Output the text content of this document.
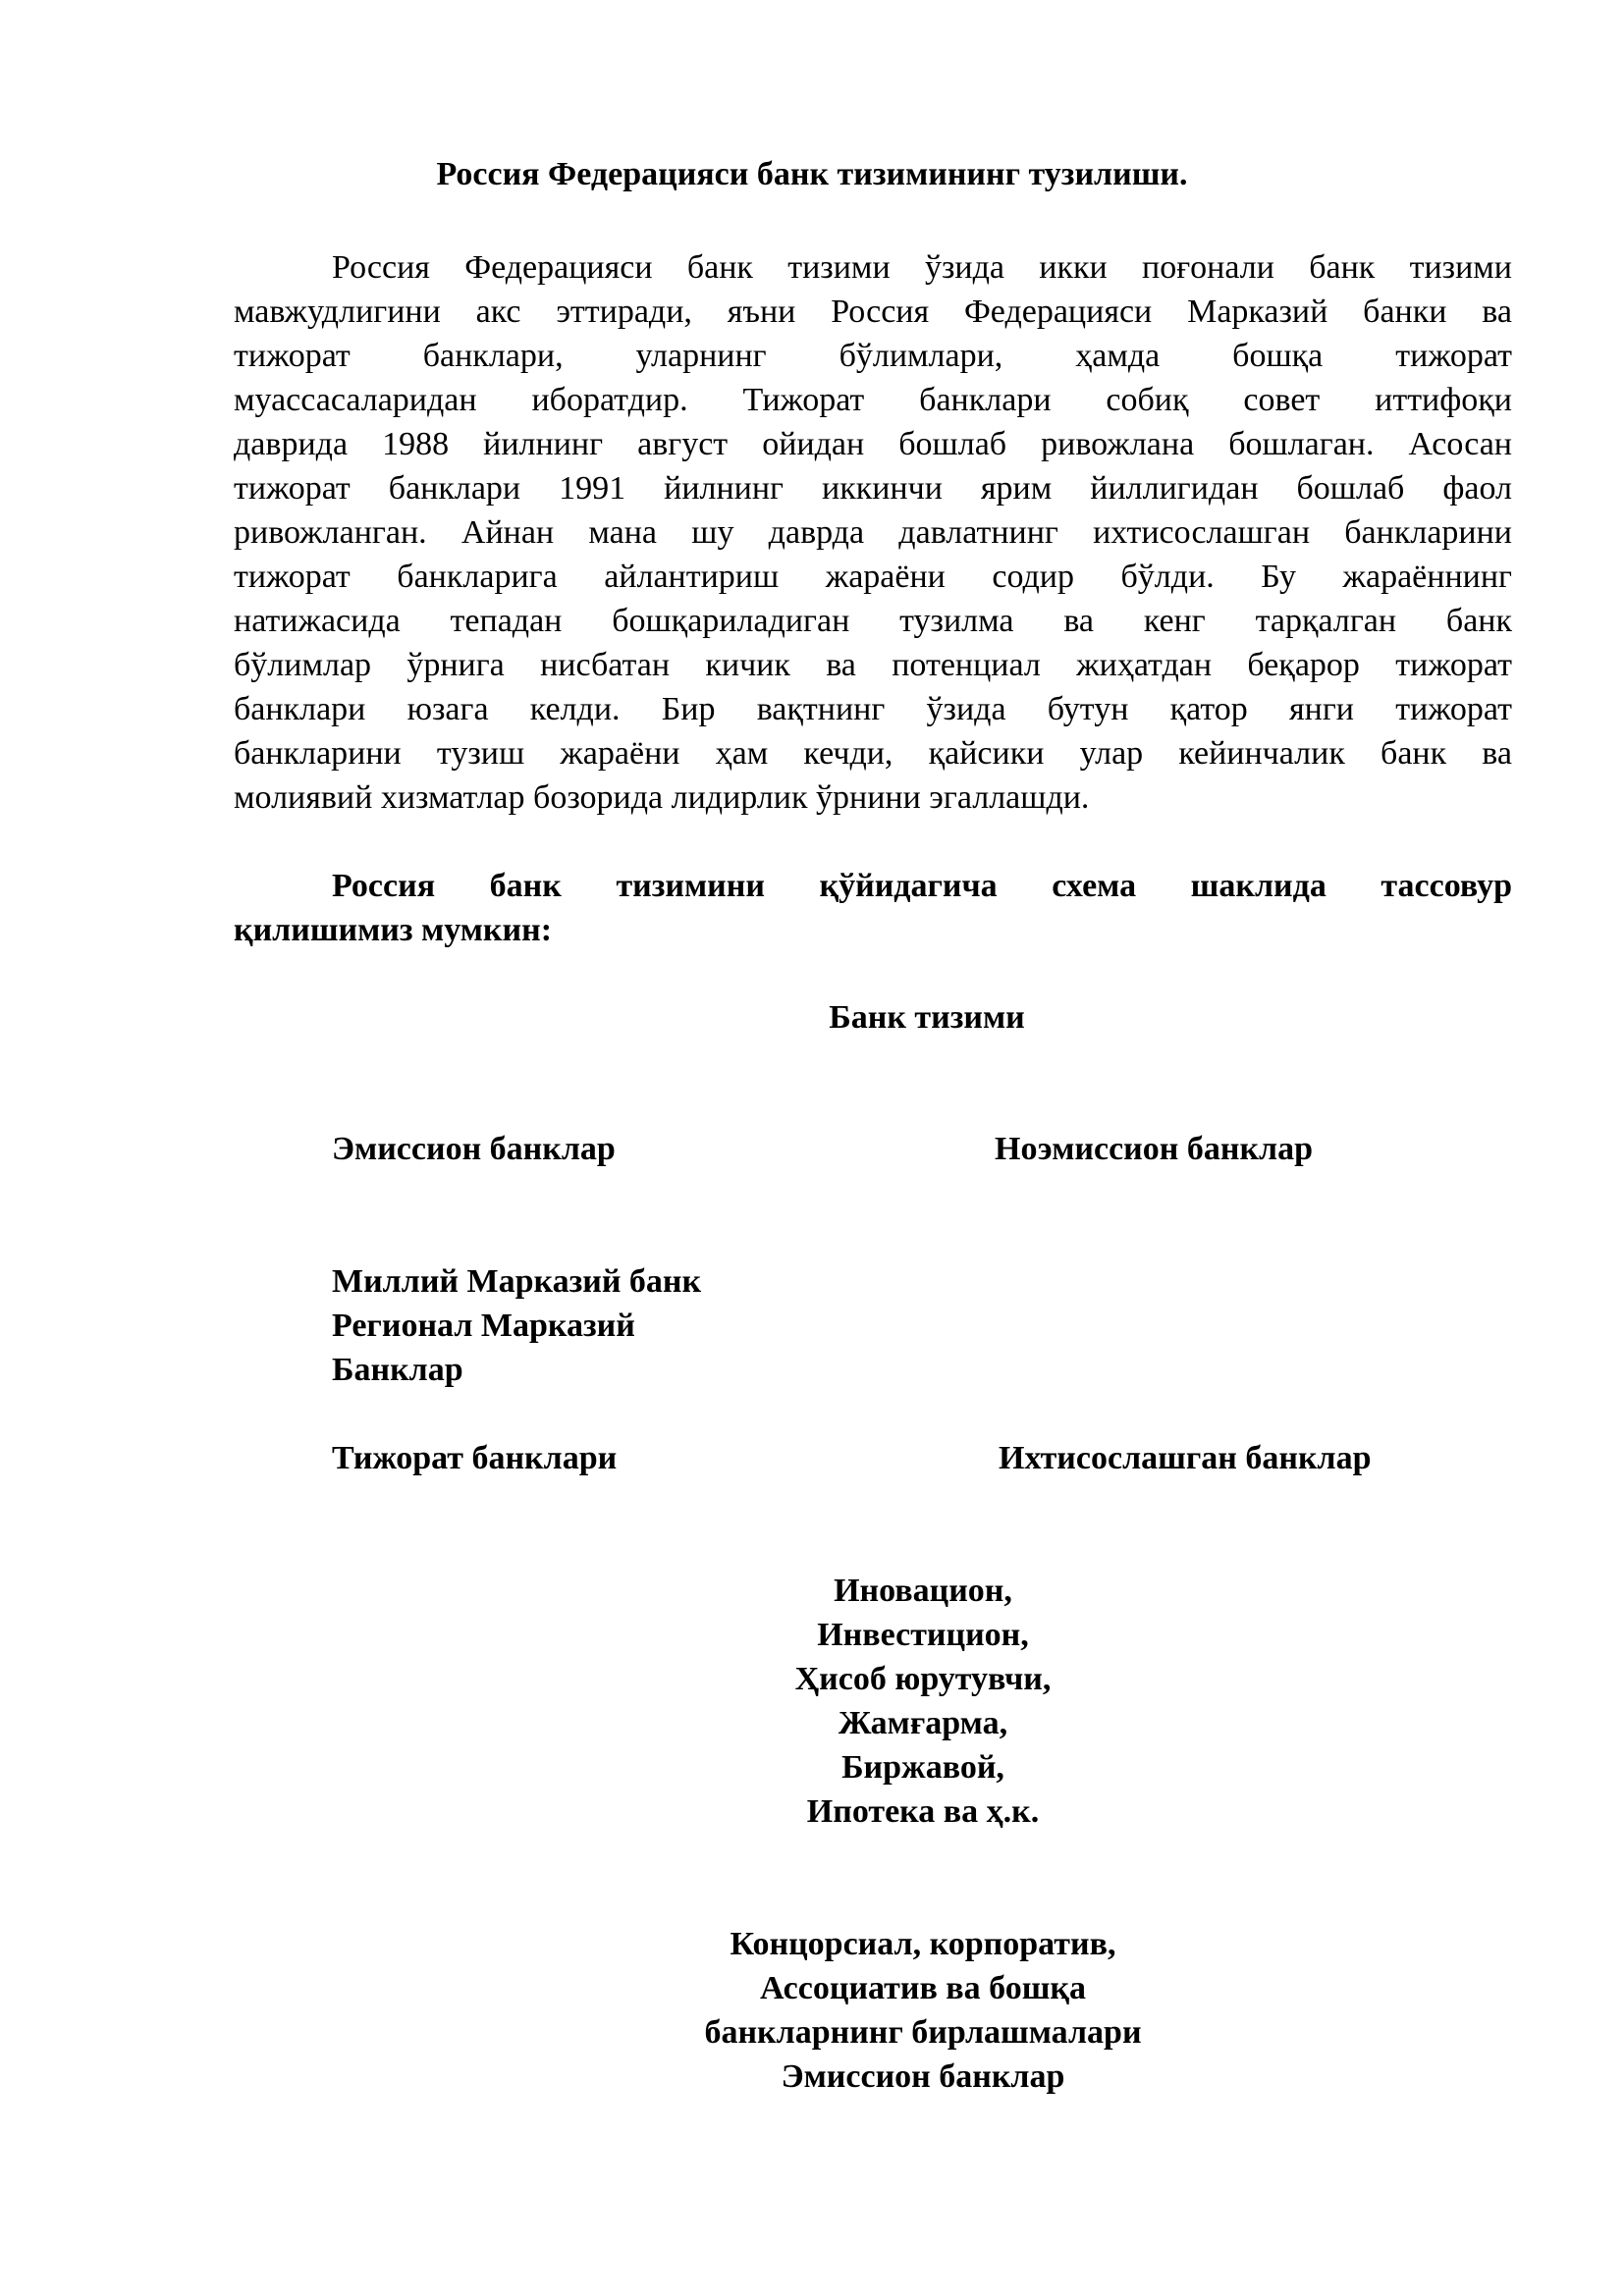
Россия Федерацияси банк тизимининг тузилиши.
Россия Федерацияси банк тизими ўзида икки поғонали банк тизими
мавжудлигини акс эттиради, яъни Россия Федерацияси Марказий банки ва
тижорат банклари, уларнинг бўлимлари, ҳамда бошқа тижорат
муассасаларидан иборатдир. Тижорат банклари собиқ совет иттифоқи
даврида 1988 йилнинг август ойидан бошлаб ривожлана бошлаган. Асосан
тижорат банклари 1991 йилнинг иккинчи ярим йиллигидан бошлаб фаол
ривожланган. Айнан мана шу даврда давлатнинг ихтисослашган банкларини
тижорат банкларига айлантириш жараёни содир бўлди. Бу жараённинг
натижасида тепадан бошқариладиган тузилма ва кенг тарқалган банк
бўлимлар ўрнига нисбатан кичик ва потенциал жиҳатдан беқарор тижорат
банклари юзага келди. Бир вақтнинг ўзида бутун қатор янги тижорат
банкларини тузиш жараёни ҳам кечди, қайсики улар кейинчалик банк ва
молиявий хизматлар бозорида лидирлик ўрнини эгаллашди.
Россия банк тизимини қўйидагича схема шаклида тассовур
қилишимиз мумкин:
Банк тизими
Эмиссион банклар	Ноэмиссион банклар
Миллий Марказий банк
Регионал Марказий
Банклар
Тижорат банклари	Ихтисослашган банклар
Иновацион,
Инвестицион,
Ҳисоб юрутувчи,
Жамғарма,
Биржавой,
Ипотека ва ҳ.к.
Концорсиал, корпоратив,
Ассоциатив ва бошқа
банкларнинг бирлашмалари
Эмиссион банклар
